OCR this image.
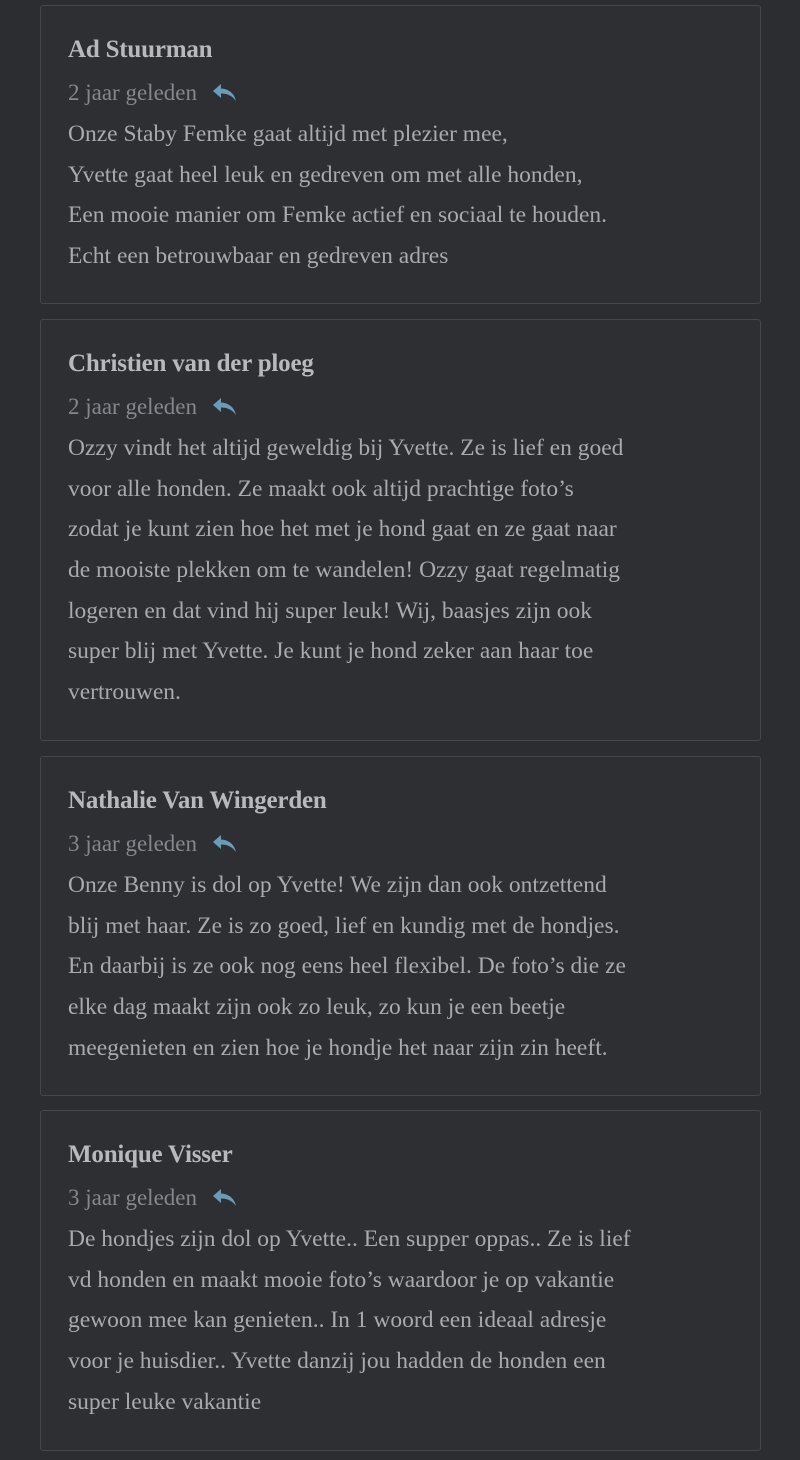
Ad Stuurman
2 jaar geleden
Onze Staby Femke gaat altijd met plezier mee,
Yvette gaat heel leuk en gedreven om met alle honden,
Een mooie manier om Femke actief en sociaal te houden.
Echt een betrouwbaar en gedreven adres
Christien van der ploeg
2 jaar geleden
Ozzy vindt het altijd geweldig bij Yvette. Ze is lief en goed
voor alle honden. Ze maakt ook altijd prachtige foto’s
zodat je kunt zien hoe het met je hond gaat en ze gaat naar
de mooiste plekken om te wandelen! Ozzy gaat regelmatig
logeren en dat vind hij super leuk! Wij, baasjes zijn ook
super blij met Yvette. Je kunt je hond zeker aan haar toe
vertrouwen.
Nathalie Van Wingerden
3 jaar geleden
Onze Benny is dol op Yvette! We zijn dan ook ontzettend
blij met haar. Ze is zo goed, lief en kundig met de hondjes.
En daarbij is ze ook nog eens heel flexibel. De foto’s die ze
elke dag maakt zijn ook zo leuk, zo kun je een beetje
meegenieten en zien hoe je hondje het naar zijn zin heeft.
Monique Visser
3 jaar geleden
De hondjes zijn dol op Yvette.. Een supper oppas.. Ze is lief
vd honden en maakt mooie foto’s waardoor je op vakantie
gewoon mee kan genieten.. In 1 woord een ideaal adresje
voor je huisdier.. Yvette danzij jou hadden de honden een
super leuke vakantie
